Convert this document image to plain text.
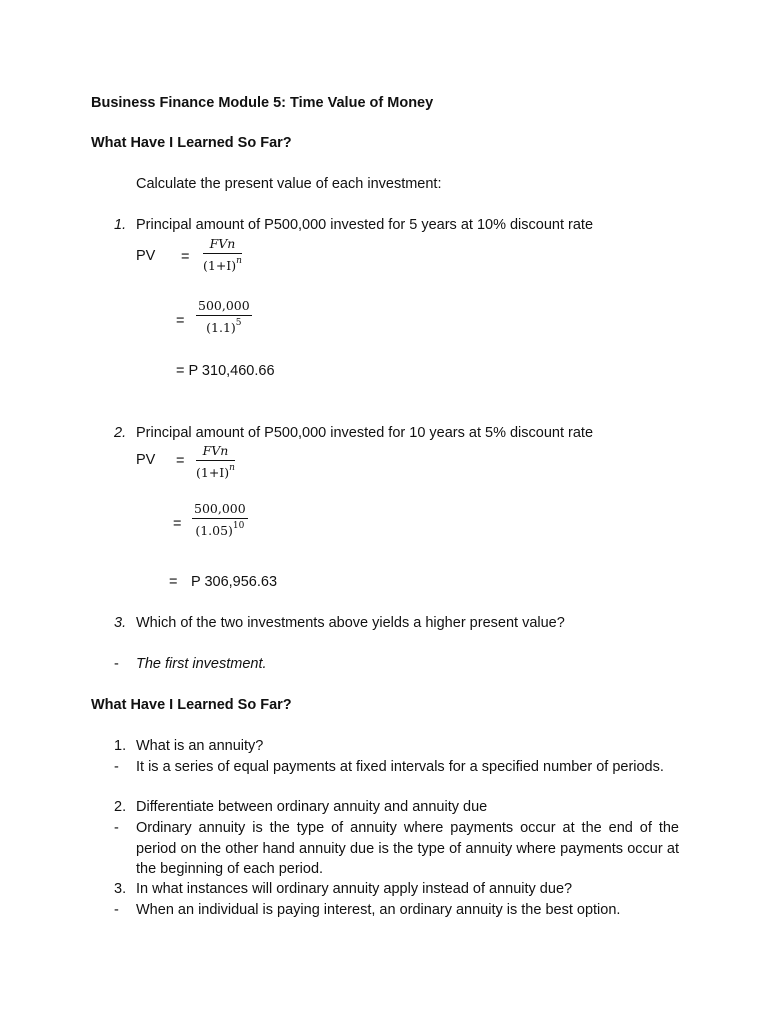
Business Finance Module 5: Time Value of Money
What Have I Learned So Far?
Calculate the present value of each investment:
1. Principal amount of P500,000 invested for 5 years at 10% discount rate
PV =
FVn
$(1+I)^n$
=
500,000
$(1.1)^5$
= P 310,460.66
2. Principal amount of P500,000 invested for 10 years at 5% discount rate
PV =
FVn
$(1+I)^n$
=
500,000
$(1.05)^{10}$
= P 306,956.63
3. Which of the two investments above yields a higher present value?
- The first investment.
What Have I Learned So Far?
1. What is an annuity?
- It is a series of equal payments at fixed intervals for a specified number of periods.
2. Differentiate between ordinary annuity and annuity due
- Ordinary annuity is the type of annuity where payments occur at the end of the period on the other hand annuity due is the type of annuity where payments occur at the beginning of each period.
3. In what instances will ordinary annuity apply instead of annuity due?
- When an individual is paying interest, an ordinary annuity is the best option.
